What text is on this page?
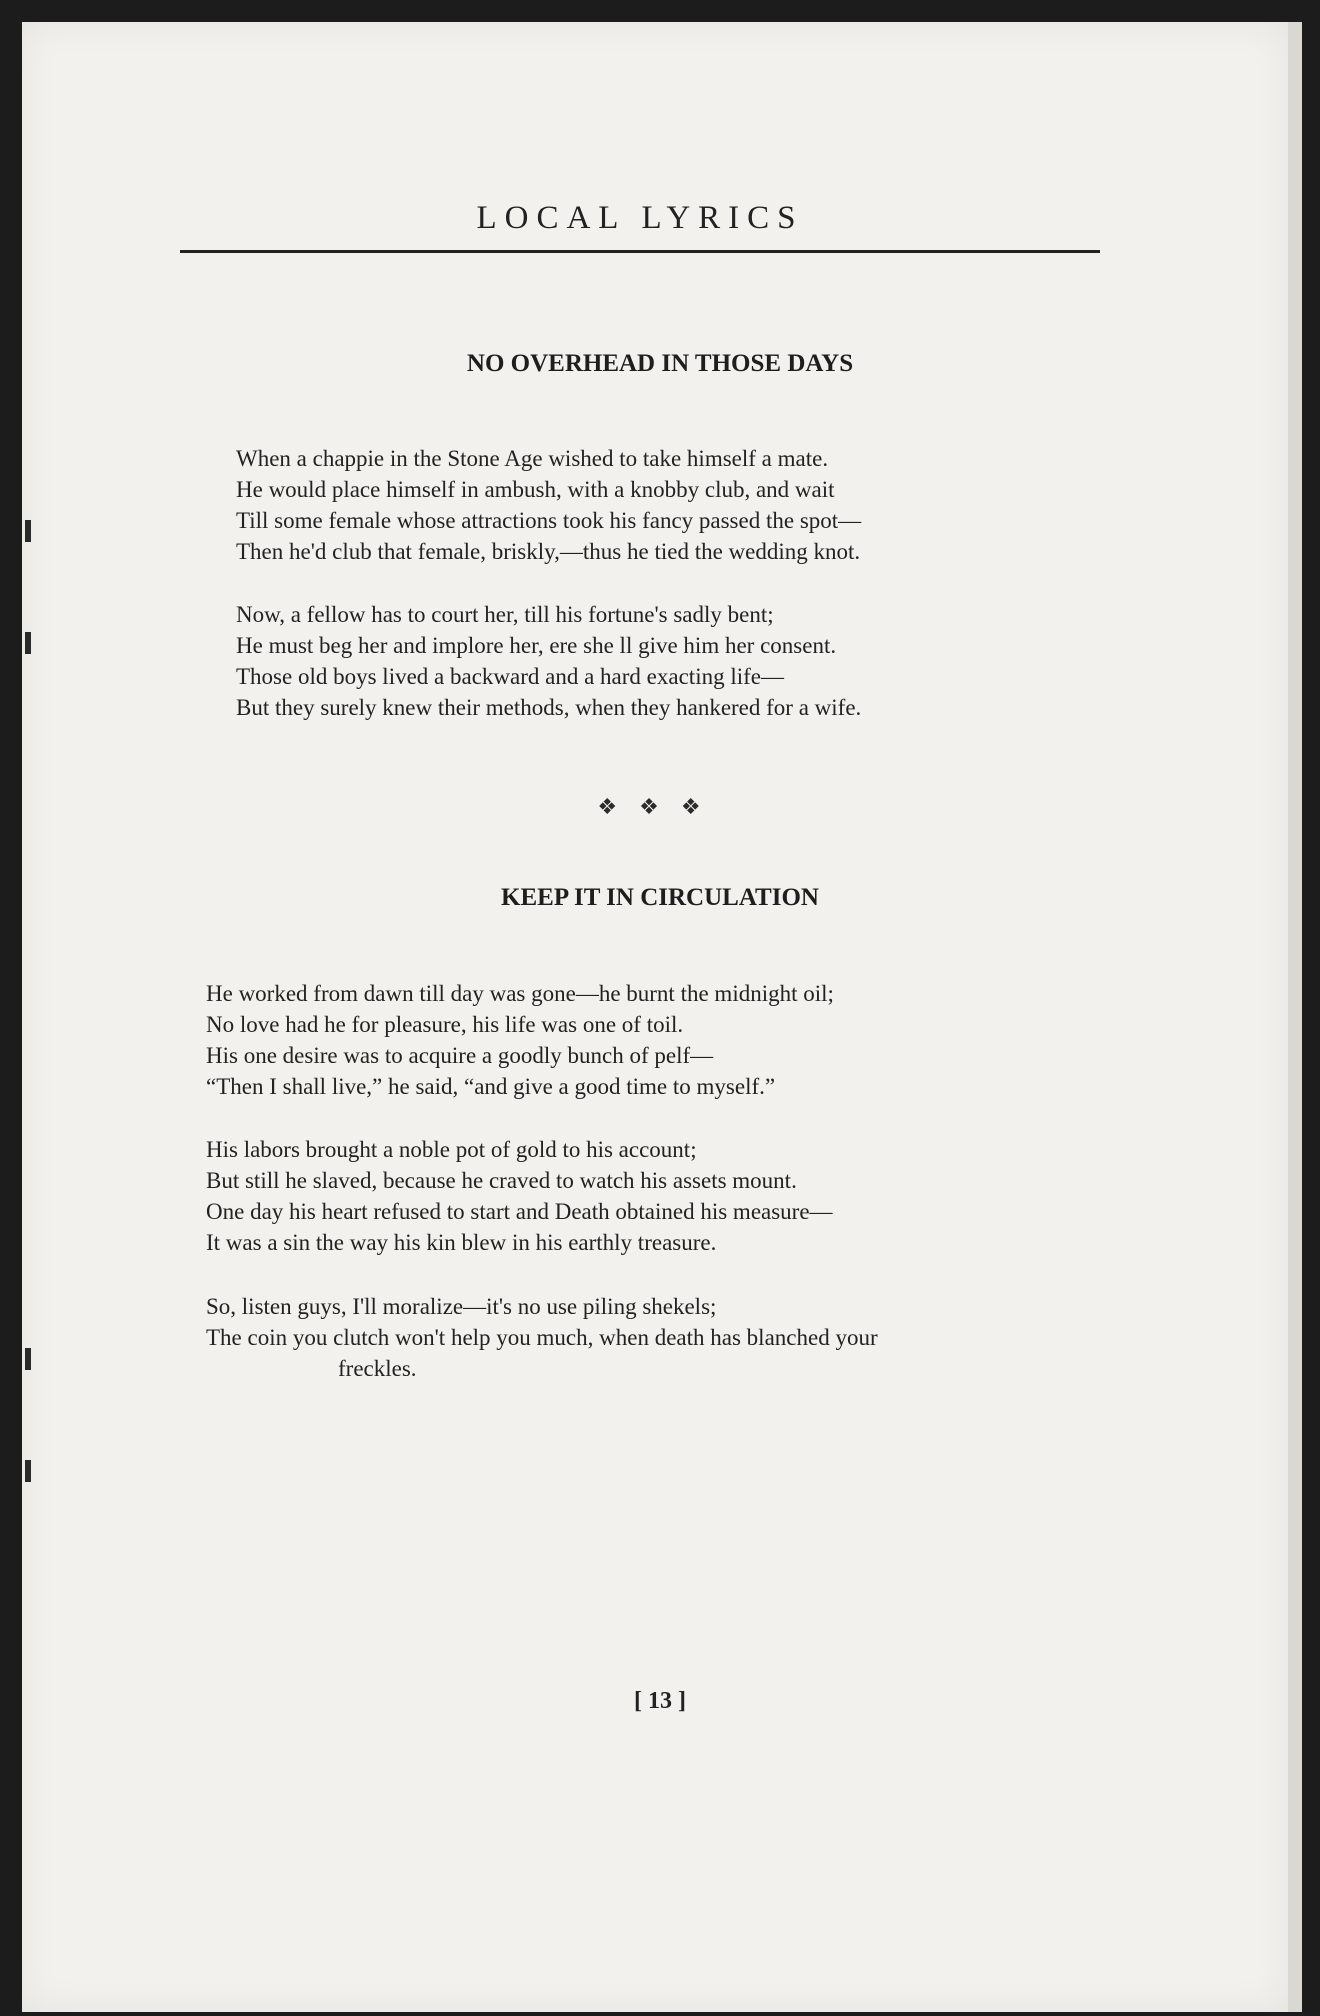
LOCAL LYRICS
NO OVERHEAD IN THOSE DAYS
When a chappie in the Stone Age wished to take himself a mate.
He would place himself in ambush, with a knobby club, and wait
Till some female whose attractions took his fancy passed the spot—
Then he'd club that female, briskly,—thus he tied the wedding knot.
Now, a fellow has to court her, till his fortune's sadly bent;
He must beg her and implore her, ere she ll give him her consent.
Those old boys lived a backward and a hard exacting life—
But they surely knew their methods, when they hankered for a wife.
❖❖❖
KEEP IT IN CIRCULATION
He worked from dawn till day was gone—he burnt the midnight oil;
No love had he for pleasure, his life was one of toil.
His one desire was to acquire a goodly bunch of pelf—
“Then I shall live,” he said, “and give a good time to myself.”
His labors brought a noble pot of gold to his account;
But still he slaved, because he craved to watch his assets mount.
One day his heart refused to start and Death obtained his measure—
It was a sin the way his kin blew in his earthly treasure.
So, listen guys, I'll moralize—it's no use piling shekels;
The coin you clutch won't help you much, when death has blanched your
freckles.
[ 13 ]
